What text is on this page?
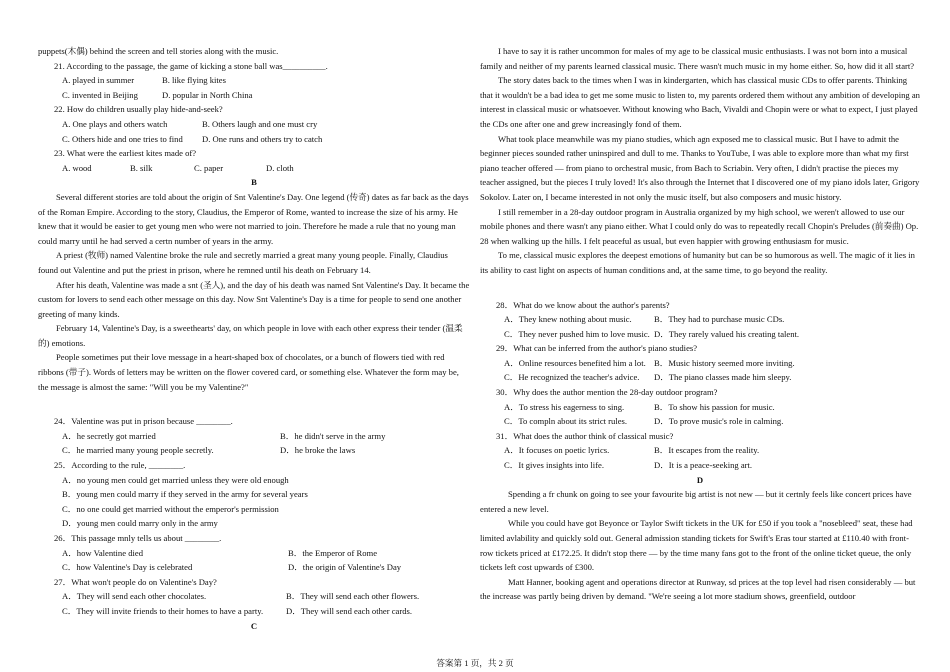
puppets(木偶) behind the screen and tell stories along with the music.

21. According to the passage, the game of kicking a stone ball was__________.

A. played in summer	B. like flying kites
C. invented in Beijing	D. popular in North China

22. How do children usually play hide-and-seek?

A. One plays and others watch	B. Others laugh and one must cry
C. Others hide and one tries to find	D. One runs and others try to catch

23. What were the earliest kites made of?

A. wood	B. silk	C. paper	D. cloth

B

Several different stories are told about the origin of Snt Valentine's Day. One legend (传奇) dates as far back as the days of the Roman Empire. According to the story, Claudius, the Emperor of Rome, wanted to increase the size of his army. He knew that it would be easier to get young men who were not married to join. Therefore he made a rule that no young man could marry until he had served a certn number of years in the army.

A priest (牧师) named Valentine broke the rule and secretly married a great many young people. Finally, Claudius found out Valentine and put the priest in prison, where he remned until his death on February 14.

After his death, Valentine was made a snt (圣人), and the day of his death was named Snt Valentine's Day. It became the custom for lovers to send each other message on this day. Now Snt Valentine's Day is a time for people to send one another greeting of many kinds.

February 14, Valentine's Day, is a sweethearts' day, on which people in love with each other express their tender (温柔的) emotions.

People sometimes put their love message in a heart-shaped box of chocolates, or a bunch of flowers tied with red ribbons (带子). Words of letters may be written on the flower covered card, or something else. Whatever the form may be, the message is almost the same: "Will you be my Valentine?"

24．Valentine was put in prison because ________.

A．he secretly got married	B．he didn't serve in the army
C．he married many young people secretly.	D．he broke the laws

25．According to the rule, ________.

A．no young men could get married unless they were old enough

B．young men could marry if they served in the army for several years

C．no one could get married without the emperor's permission

D．young men could marry only in the army

26．This passage mnly tells us about ________.

A．how Valentine died	B．the Emperor of Rome
C．how Valentine's Day is celebrated	D．the origin of Valentine's Day

27．What won't people do on Valentine's Day?

A．They will send each other chocolates.	B．They will send each other flowers.
C．They will invite friends to their homes to have a party.	D．They will send each other cards.

C

I have to say it is rather uncommon for males of my age to be classical music enthusiasts. I was not born into a musical family and neither of my parents learned classical music. There wasn't much music in my home either. So, how did it all start?

The story dates back to the times when I was in kindergarten, which has classical music CDs to offer parents. Thinking that it wouldn't be a bad idea to get me some music to listen to, my parents ordered them without any ambition of developing an interest in classical music or whatsoever. Without knowing who Bach, Vivaldi and Chopin were or what to expect, I just played the CDs one after one and grew increasingly fond of them.

What took place meanwhile was my piano studies, which agn exposed me to classical music. But I have to admit the beginner pieces sounded rather uninspired and dull to me. Thanks to YouTube, I was able to explore more than what my first piano teacher offered — from piano to orchestral music, from Bach to Scriabin. Very often, I didn't practise the pieces my teacher assigned, but the pieces I truly loved! It's also through the Internet that I discovered one of my piano idols later, Grigory Sokolov. Later on, I became interested in not only the music itself, but also composers and music history.

I still remember in a 28-day outdoor program in Australia organized by my high school, we weren't allowed to use our mobile phones and there wasn't any piano either. What I could only do was to repeatedly recall Chopin's Preludes (前奏曲) Op. 28 when walking up the hills. I felt peaceful as usual, but even happier with growing enthusiasm for music.

To me, classical music explores the deepest emotions of humanity but can be so humorous as well. The magic of it lies in its ability to cast light on aspects of human conditions and, at the same time, to go beyond the reality.

28．What do we know about the author's parents?

A．They knew nothing about music.	B．They had to purchase music CDs.
C．They never pushed him to love music. D．They rarely valued his creating talent.

29．What can be inferred from the author's piano studies?

A．Online resources benefited him a lot. B．Music history seemed more inviting.
C．He recognized the teacher's advice.	D．The piano classes made him sleepy.

30．Why does the author mention the 28-day outdoor program?

A．To stress his eagerness to sing.	B．To show his passion for music.
C．To compln about its strict rules.	D．To prove music's role in calming.

31．What does the author think of classical music?

A．It focuses on poetic lyrics.	B．It escapes from the reality.
C．It gives insights into life.	D．It is a peace-seeking art.

D

Spending a fr chunk on going to see your favourite big artist is not new — but it certnly feels like concert prices have entered a new level.

While you could have got Beyonce or Taylor Swift tickets in the UK for £50 if you took a "nosebleed" seat, these had limited avlability and quickly sold out. General admission standing tickets for Swift's Eras tour started at £110.40 with front-row tickets priced at £172.25. It didn't stop there — by the time many fans got to the front of the online ticket queue, the only tickets left cost upwards of £300.

Matt Hanner, booking agent and operations director at Runway, sd prices at the top level had risen considerably — but the increase was partly being driven by demand. "We're seeing a lot more stadium shows, greenfield, outdoor

答案第 1 页，共 2 页
